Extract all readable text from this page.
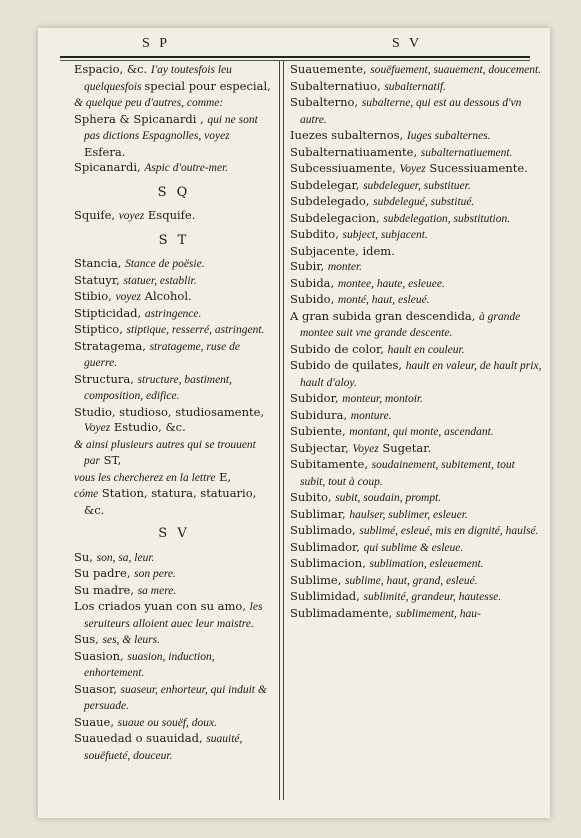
S P	S V

Espacio, &c. I'ay toutesfois leu quelquesfois special pour especial,

& quelque peu d'autres, comme:

Sphera & Spicanardi , qui ne sont pas dictions Espagnolles, voyez Esfera.

Spicanardi, Aspic d'outre-mer.

S Q

Squife, voyez Esquife.

S T

Stancia, Stance de poësie.

Statuyr, statuer, establir.

Stibio, voyez Alcohol.

Stipticidad, astringence.

Stiptico, stiptique, resserré, astringent.

Stratagema, stratageme, ruse de guerre.

Structura, structure, bastiment, composition, edifice.

Studio, studioso, studiosamente, Voyez Estudio, &c.

& ainsi plusieurs autres qui se trouuent par ST,

vous les chercherez en la lettre E,

cóme Station, statura, statuario, &c.

S V

Su, son, sa, leur.

Su padre, son pere.

Su madre, sa mere.

Los criados yuan con su amo, les seruiteurs alloient auec leur maistre.

Sus, ses, & leurs.

Suasion, suasion, induction, enhortement.

Suasor, suaseur, enhorteur, qui induit & persuade.

Suaue, suaue ou souëf, doux.

Suauedad o suauidad, suauité, souëfueté, douceur.

Suauemente, souëfuement, suauement, doucement.

Subalternatiuo, subalternatif.

Subalterno, subalterne, qui est au dessous d'vn autre.

Iuezes subalternos, Iuges subalternes.

Subalternatiuamente, subalternatiuement.

Subcessiuamente, Voyez Sucessiuamente.

Subdelegar, subdeleguer, substituer.

Subdelegado, subdelegué, substitué.

Subdelegacion, subdelegation, substitution.

Subdito, subject, subjacent.

Subjacente, idem.

Subir, monter.

Subida, montee, haute, esleuee.

Subido, monté, haut, esleué.

A gran subida gran descendida, à grande montee suit vne grande descente.

Subido de color, hault en couleur.

Subido de quilates, hault en valeur, de hault prix, hault d'aloy.

Subidor, monteur, montoir.

Subidura, monture.

Subiente, montant, qui monte, ascendant.

Subjectar, Voyez Sugetar.

Subitamente, soudainement, subitement, tout subit, tout à coup.

Subito, subit, soudain, prompt.

Sublimar, haulser, sublimer, esleuer.

Sublimado, sublimé, esleué, mis en dignité, haulsé.

Sublimador, qui sublime & esleue.

Sublimacion, sublimation, esleuement.

Sublime, sublime, haut, grand, esleué.

Sublimidad, sublimité, grandeur, hautesse.

Sublimadamente, sublimement, hau-
